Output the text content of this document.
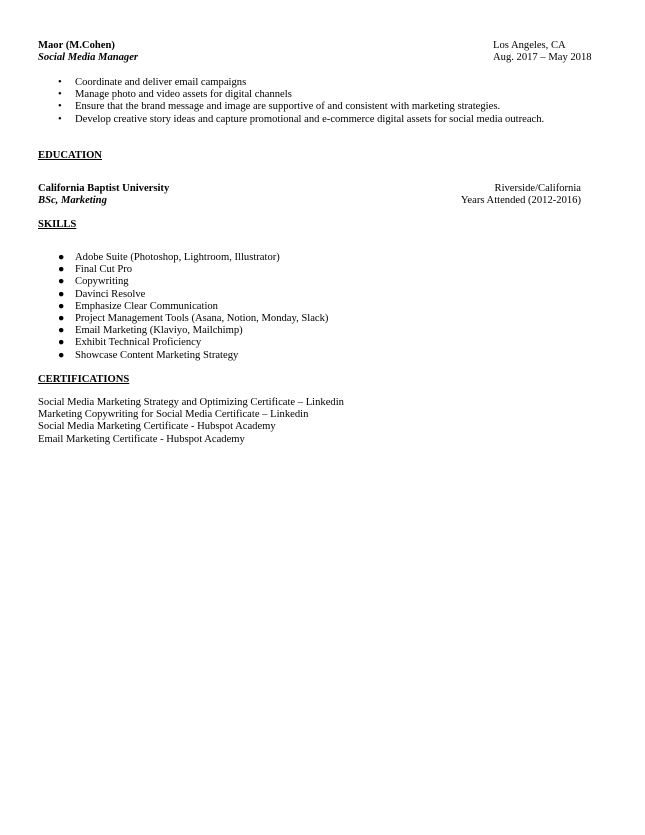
Maor (M.Cohen)	Los Angeles, CA
Social Media Manager	Aug. 2017 – May 2018
• Coordinate and deliver email campaigns
• Manage photo and video assets for digital channels
• Ensure that the brand message and image are supportive of and consistent with marketing strategies.
• Develop creative story ideas and capture promotional and e-commerce digital assets for social media outreach.
EDUCATION
California Baptist University	Riverside/California
BSc, Marketing	Years Attended (2012-2016)
SKILLS
● Adobe Suite (Photoshop, Lightroom, Illustrator)
● Final Cut Pro
● Copywriting
● Davinci Resolve
● Emphasize Clear Communication
● Project Management Tools (Asana, Notion, Monday, Slack)
● Email Marketing (Klaviyo, Mailchimp)
● Exhibit Technical Proficiency
● Showcase Content Marketing Strategy
CERTIFICATIONS
Social Media Marketing Strategy and Optimizing Certificate – Linkedin
Marketing Copywriting for Social Media Certificate – Linkedin
Social Media Marketing Certificate - Hubspot Academy
Email Marketing Certificate - Hubspot Academy
